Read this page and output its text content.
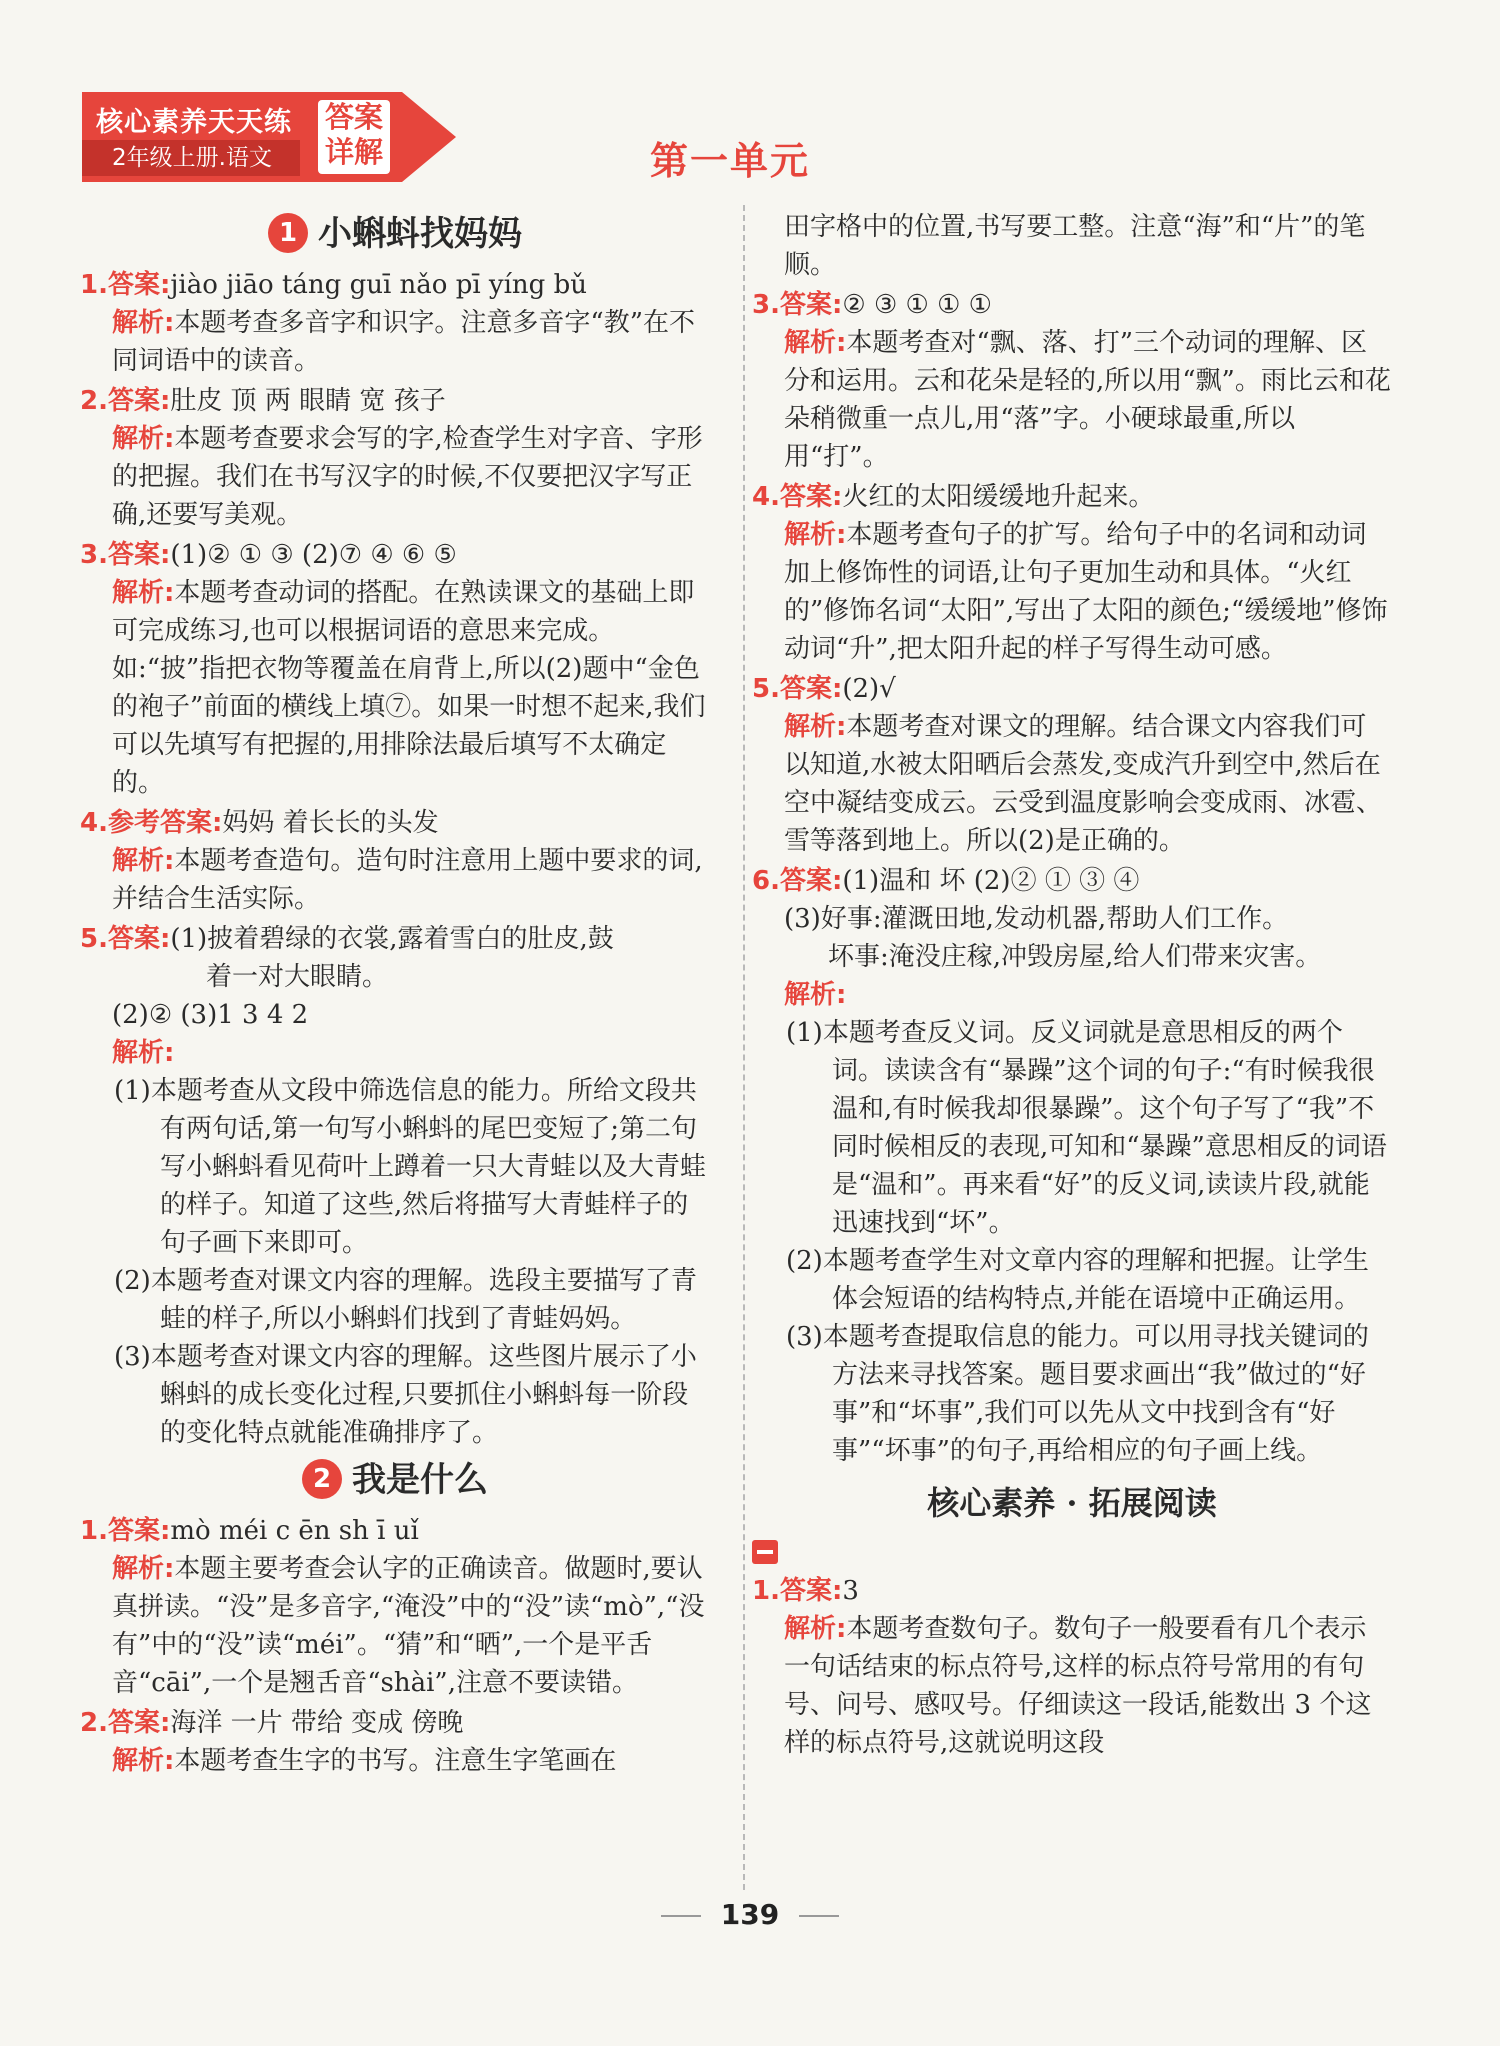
核心素养天天练
2年级上册.语文
答案
详解	第一单元
1 小蝌蚪找妈妈
1.答案:jiào jiāo táng guī nǎo pī yíng bǔ
解析:本题考查多音字和识字。注意多音字“教”在不同词语中的读音。
2.答案:肚皮 顶 两 眼睛 宽 孩子
解析:本题考查要求会写的字,检查学生对字音、字形的把握。我们在书写汉字的时候,不仅要把汉字写正确,还要写美观。
3.答案:(1)② ① ③ (2)⑦ ④ ⑥ ⑤
解析:本题考查动词的搭配。在熟读课文的基础上即可完成练习,也可以根据词语的意思来完成。如:“披”指把衣物等覆盖在肩背上,所以(2)题中“金色的袍子”前面的横线上填⑦。如果一时想不起来,我们可以先填写有把握的,用排除法最后填写不太确定的。
4.参考答案:妈妈 着长长的头发
解析:本题考查造句。造句时注意用上题中要求的词,并结合生活实际。
5.答案:(1)披着碧绿的衣裳,露着雪白的肚皮,鼓
着一对大眼睛。
(2)② (3)1 3 4 2
解析:
(1)本题考查从文段中筛选信息的能力。所给文段共有两句话,第一句写小蝌蚪的尾巴变短了;第二句写小蝌蚪看见荷叶上蹲着一只大青蛙以及大青蛙的样子。知道了这些,然后将描写大青蛙样子的句子画下来即可。
(2)本题考查对课文内容的理解。选段主要描写了青蛙的样子,所以小蝌蚪们找到了青蛙妈妈。
(3)本题考查对课文内容的理解。这些图片展示了小蝌蚪的成长变化过程,只要抓住小蝌蚪每一阶段的变化特点就能准确排序了。
2 我是什么
1.答案:mò méi c ēn sh ī uǐ
解析:本题主要考查会认字的正确读音。做题时,要认真拼读。“没”是多音字,“淹没”中的“没”读“mò”,“没有”中的“没”读“méi”。“猜”和“晒”,一个是平舌音“cāi”,一个是翘舌音“shài”,注意不要读错。
2.答案:海洋 一片 带给 变成 傍晚
解析:本题考查生字的书写。注意生字笔画在
田字格中的位置,书写要工整。注意“海”和“片”的笔顺。
3.答案:② ③ ① ① ①
解析:本题考查对“飘、落、打”三个动词的理解、区分和运用。云和花朵是轻的,所以用“飘”。雨比云和花朵稍微重一点儿,用“落”字。小硬球最重,所以用“打”。
4.答案:火红的太阳缓缓地升起来。
解析:本题考查句子的扩写。给句子中的名词和动词加上修饰性的词语,让句子更加生动和具体。“火红的”修饰名词“太阳”,写出了太阳的颜色;“缓缓地”修饰动词“升”,把太阳升起的样子写得生动可感。
5.答案:(2)√
解析:本题考查对课文的理解。结合课文内容我们可以知道,水被太阳晒后会蒸发,变成汽升到空中,然后在空中凝结变成云。云受到温度影响会变成雨、冰雹、雪等落到地上。所以(2)是正确的。
6.答案:(1)温和 坏 (2)② ① ③ ④
(3)好事:灌溉田地,发动机器,帮助人们工作。
坏事:淹没庄稼,冲毁房屋,给人们带来灾害。
解析:
(1)本题考查反义词。反义词就是意思相反的两个词。读读含有“暴躁”这个词的句子:“有时候我很温和,有时候我却很暴躁”。这个句子写了“我”不同时候相反的表现,可知和“暴躁”意思相反的词语是“温和”。再来看“好”的反义词,读读片段,就能迅速找到“坏”。
(2)本题考查学生对文章内容的理解和把握。让学生体会短语的结构特点,并能在语境中正确运用。
(3)本题考查提取信息的能力。可以用寻找关键词的方法来寻找答案。题目要求画出“我”做过的“好事”和“坏事”,我们可以先从文中找到含有“好事”“坏事”的句子,再给相应的句子画上线。
核心素养 · 拓展阅读
1.答案:3
解析:本题考查数句子。数句子一般要看有几个表示一句话结束的标点符号,这样的标点符号常用的有句号、问号、感叹号。仔细读这一段话,能数出 3 个这样的标点符号,这就说明这段
139
